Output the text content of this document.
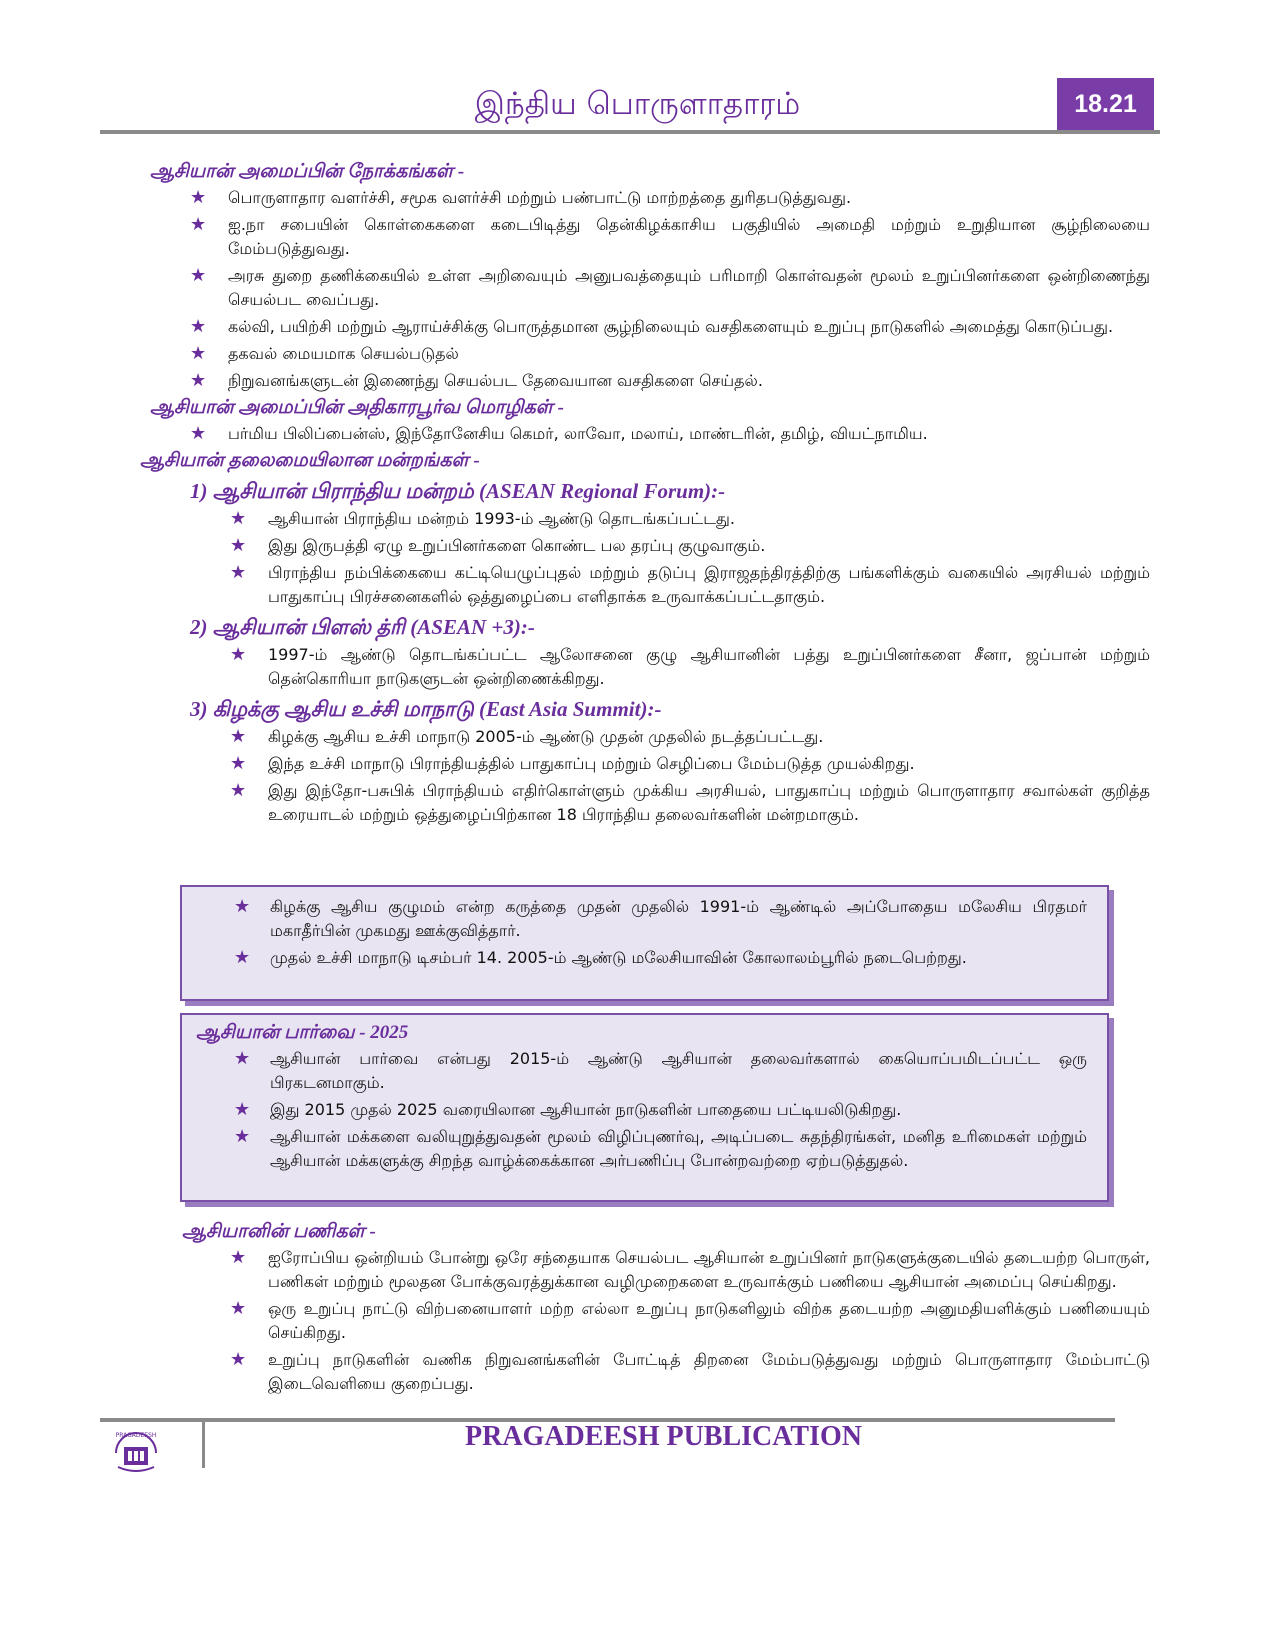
இந்திய பொருளாதாரம்	18.21
ஆசியான் அமைப்பின் நோக்கங்கள் -
★ பொருளாதார வளர்ச்சி, சமூக வளர்ச்சி மற்றும் பண்பாட்டு மாற்றத்தை துரிதபடுத்துவது.
★ ஐ.நா சபையின் கொள்கைகளை கடைபிடித்து தென்கிழக்காசிய பகுதியில் அமைதி மற்றும் உறுதியான சூழ்நிலையை மேம்படுத்துவது.
★ அரசு துறை தணிக்கையில் உள்ள அறிவையும் அனுபவத்தையும் பரிமாறி கொள்வதன் மூலம் உறுப்பினர்களை ஒன்றிணைந்து செயல்பட வைப்பது.
★ கல்வி, பயிற்சி மற்றும் ஆராய்ச்சிக்கு பொருத்தமான சூழ்நிலையும் வசதிகளையும் உறுப்பு நாடுகளில் அமைத்து கொடுப்பது.
★ தகவல் மையமாக செயல்படுதல்
★ நிறுவனங்களுடன் இணைந்து செயல்பட தேவையான வசதிகளை செய்தல்.
ஆசியான் அமைப்பின் அதிகாரபூர்வ மொழிகள் -
★ பர்மிய பிலிப்பைன்ஸ், இந்தோனேசிய கெமர், லாவோ, மலாய், மாண்டரின், தமிழ், வியட்நாமிய.
ஆசியான் தலைமையிலான மன்றங்கள் -
1) ஆசியான் பிராந்திய மன்றம் (ASEAN Regional Forum):-
★ ஆசியான் பிராந்திய மன்றம் 1993-ம் ஆண்டு தொடங்கப்பட்டது.
★ இது இருபத்தி ஏழு உறுப்பினர்களை கொண்ட பல தரப்பு குழுவாகும்.
★ பிராந்திய நம்பிக்கையை கட்டியெழுப்புதல் மற்றும் தடுப்பு இராஜதந்திரத்திற்கு பங்களிக்கும் வகையில் அரசியல் மற்றும் பாதுகாப்பு பிரச்சனைகளில் ஒத்துழைப்பை எளிதாக்க உருவாக்கப்பட்டதாகும்.
2) ஆசியான் பிளஸ் த்ரி (ASEAN +3):-
★ 1997-ம் ஆண்டு தொடங்கப்பட்ட ஆலோசனை குழு ஆசியானின் பத்து உறுப்பினர்களை சீனா, ஜப்பான் மற்றும் தென்கொரியா நாடுகளுடன் ஒன்றிணைக்கிறது.
3) கிழக்கு ஆசிய உச்சி மாநாடு (East Asia Summit):-
★ கிழக்கு ஆசிய உச்சி மாநாடு 2005-ம் ஆண்டு முதன் முதலில் நடத்தப்பட்டது.
★ இந்த உச்சி மாநாடு பிராந்தியத்தில் பாதுகாப்பு மற்றும் செழிப்பை மேம்படுத்த முயல்கிறது.
★ இது இந்தோ-பசுபிக் பிராந்தியம் எதிர்கொள்ளும் முக்கிய அரசியல், பாதுகாப்பு மற்றும் பொருளாதார சவால்கள் குறித்த உரையாடல் மற்றும் ஒத்துழைப்பிற்கான 18 பிராந்திய தலைவர்களின் மன்றமாகும்.
★ கிழக்கு ஆசிய குழுமம் என்ற கருத்தை முதன் முதலில் 1991-ம் ஆண்டில் அப்போதைய மலேசிய பிரதமர் மகாதீர்பின் முகமது ஊக்குவித்தார்.
★ முதல் உச்சி மாநாடு டிசம்பர் 14. 2005-ம் ஆண்டு மலேசியாவின் கோலாலம்பூரில் நடைபெற்றது.
ஆசியான் பார்வை - 2025
★ ஆசியான் பார்வை என்பது 2015-ம் ஆண்டு ஆசியான் தலைவர்களால் கையொப்பமிடப்பட்ட ஒரு பிரகடனமாகும்.
★ இது 2015 முதல் 2025 வரையிலான ஆசியான் நாடுகளின் பாதையை பட்டியலிடுகிறது.
★ ஆசியான் மக்களை வலியுறுத்துவதன் மூலம் விழிப்புணர்வு, அடிப்படை சுதந்திரங்கள், மனித உரிமைகள் மற்றும் ஆசியான் மக்களுக்கு சிறந்த வாழ்க்கைக்கான அர்பணிப்பு போன்றவற்றை ஏற்படுத்துதல்.
ஆசியானின் பணிகள் -
★ ஐரோப்பிய ஒன்றியம் போன்று ஒரே சந்தையாக செயல்பட ஆசியான் உறுப்பினர் நாடுகளுக்குடையில் தடையற்ற பொருள், பணிகள் மற்றும் மூலதன போக்குவரத்துக்கான வழிமுறைகளை உருவாக்கும் பணியை ஆசியான் அமைப்பு செய்கிறது.
★ ஒரு உறுப்பு நாட்டு விற்பனையாளர் மற்ற எல்லா உறுப்பு நாடுகளிலும் விற்க தடையற்ற அனுமதியளிக்கும் பணியையும் செய்கிறது.
★ உறுப்பு நாடுகளின் வணிக நிறுவனங்களின் போட்டித் திறனை மேம்படுத்துவது மற்றும் பொருளாதார மேம்பாட்டு இடைவெளியை குறைப்பது.
PRAGADEESH	PRAGADEESH PUBLICATION
